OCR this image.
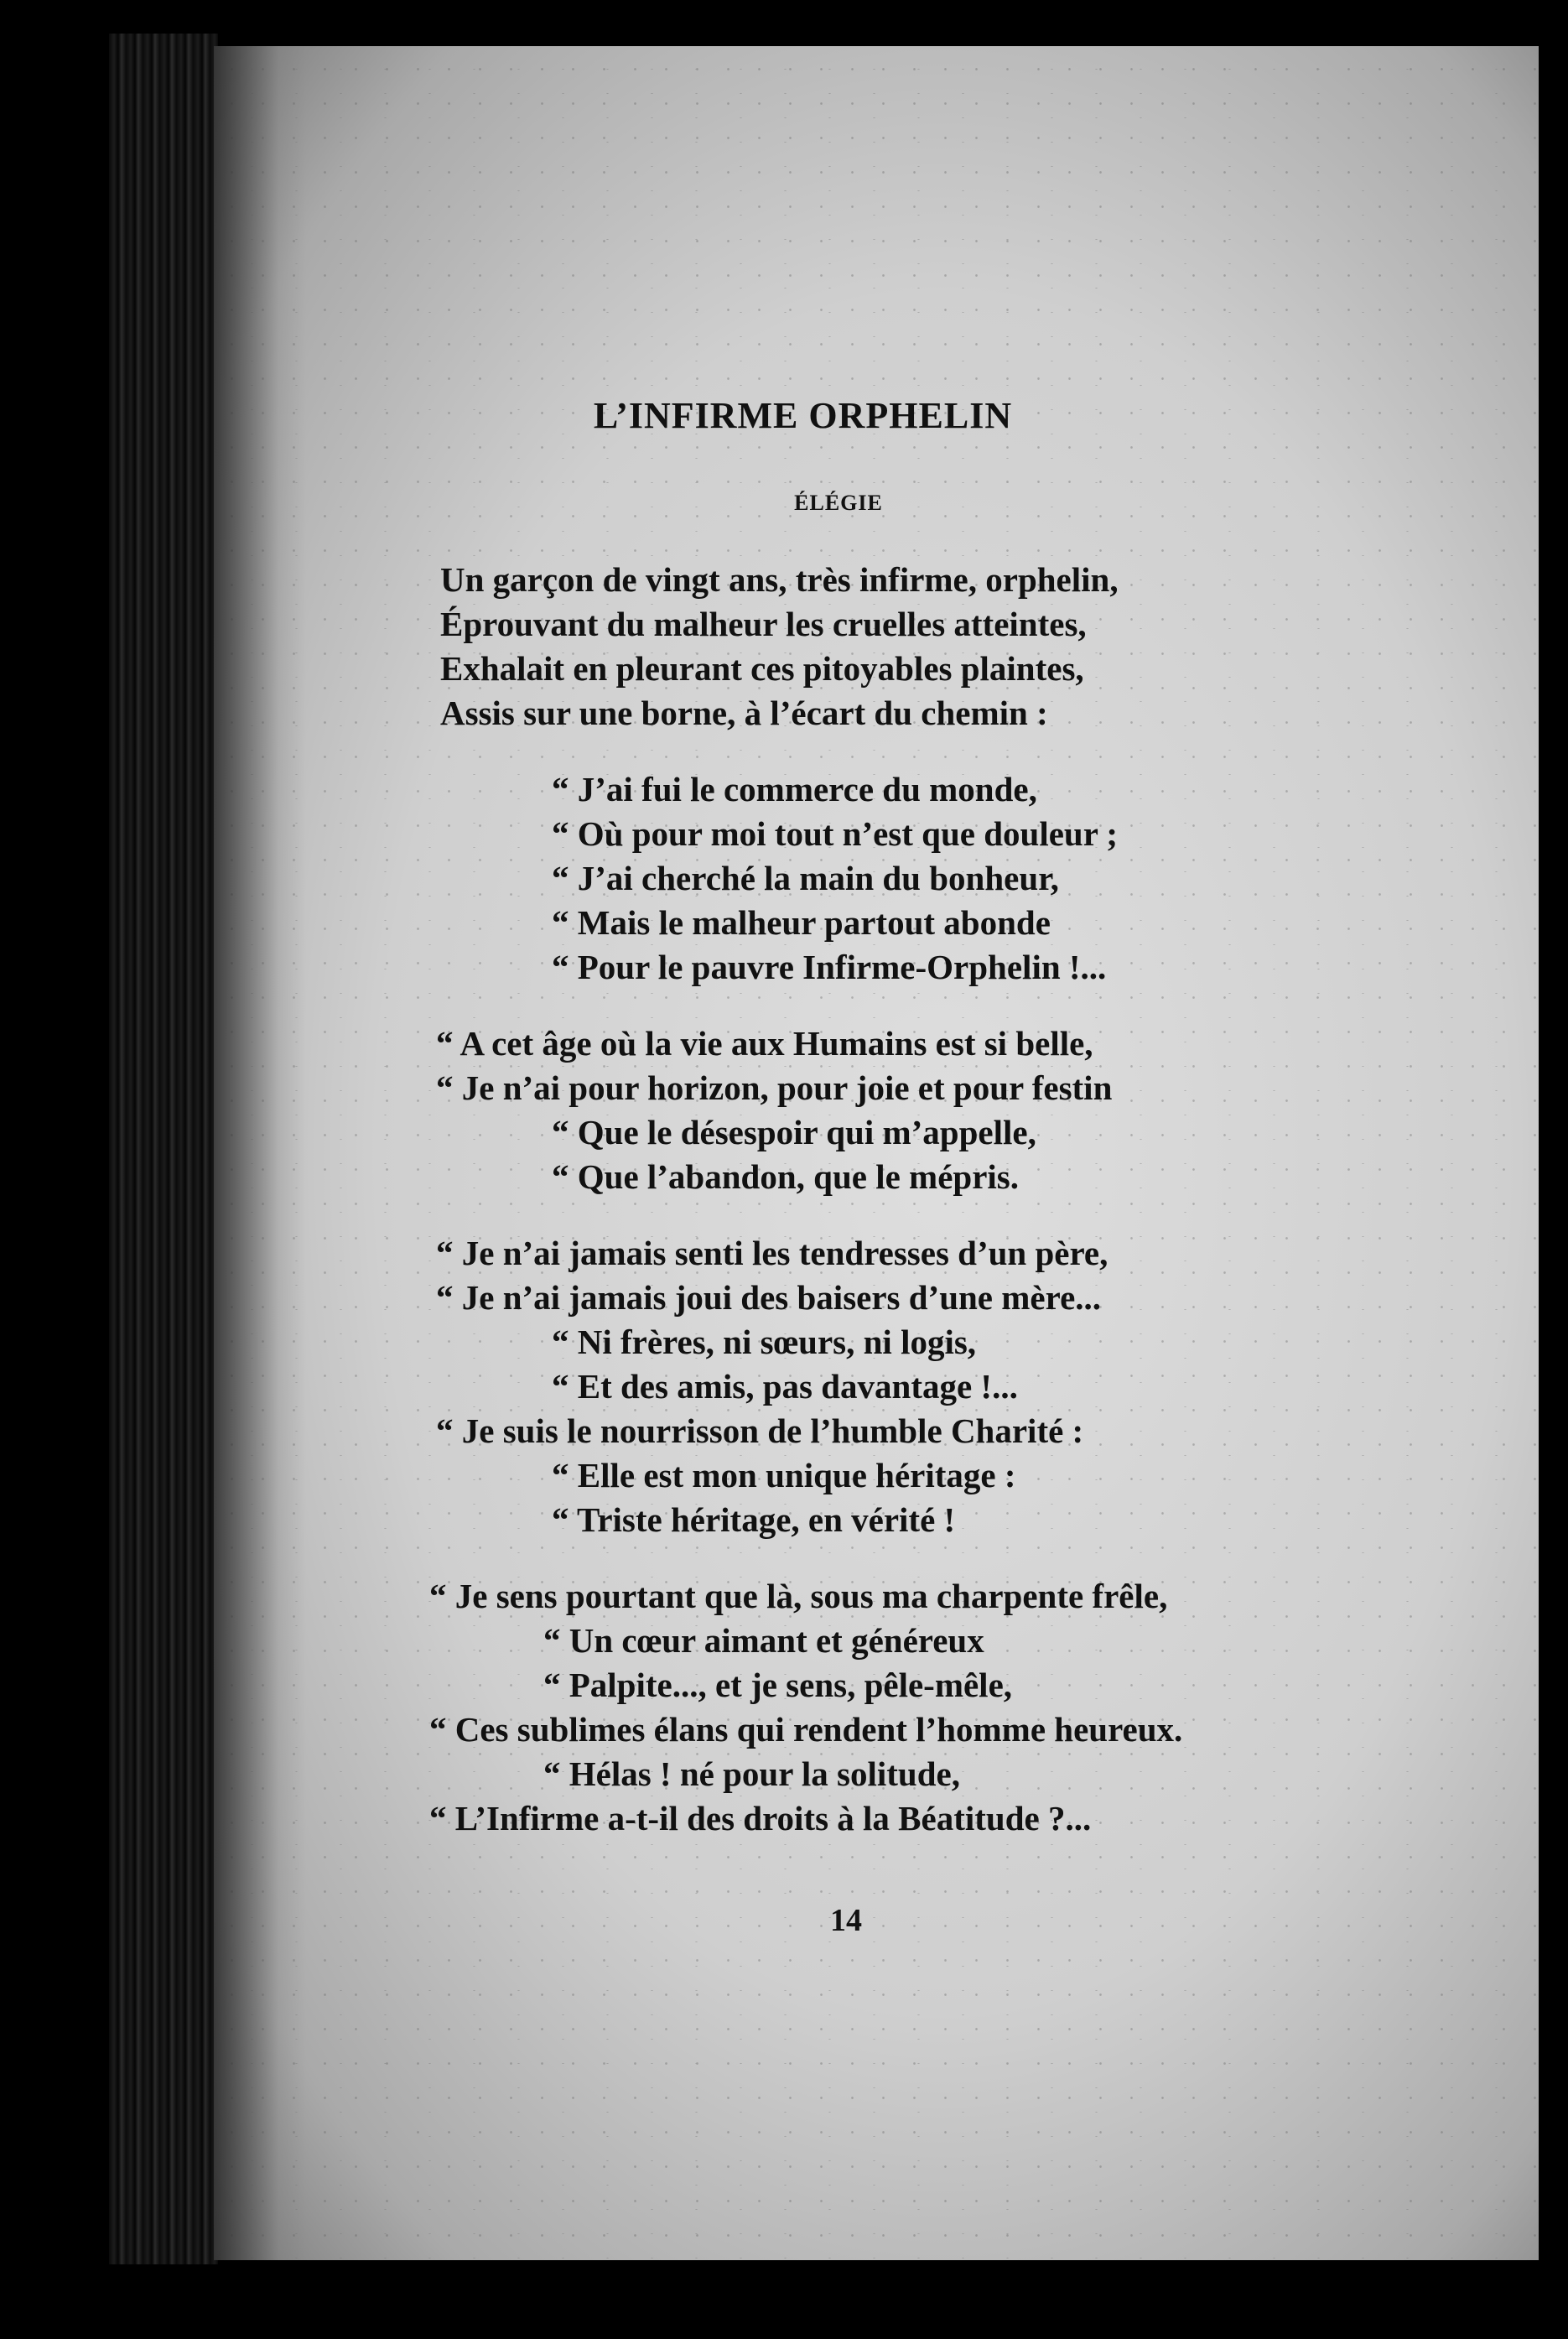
L’INFIRME ORPHELIN
ÉLÉGIE

Un garçon de vingt ans, très infirme, orphelin,

Éprouvant du malheur les cruelles atteintes,

Exhalait en pleurant ces pitoyables plaintes,

Assis sur une borne, à l’écart du chemin :

“ J’ai fui le commerce du monde,

“ Où pour moi tout n’est que douleur ;

“ J’ai cherché la main du bonheur,

“ Mais le malheur partout abonde

“ Pour le pauvre Infirme-Orphelin !...

“ A cet âge où la vie aux Humains est si belle,

“ Je n’ai pour horizon, pour joie et pour festin

“ Que le désespoir qui m’appelle,

“ Que l’abandon, que le mépris.

“ Je n’ai jamais senti les tendresses d’un père,

“ Je n’ai jamais joui des baisers d’une mère...

“ Ni frères, ni sœurs, ni logis,

“ Et des amis, pas davantage !...

“ Je suis le nourrisson de l’humble Charité :

“ Elle est mon unique héritage :

“ Triste héritage, en vérité !

“ Je sens pourtant que là, sous ma charpente frêle,

“ Un cœur aimant et généreux

“ Palpite..., et je sens, pêle-mêle,

“ Ces sublimes élans qui rendent l’homme heureux.

“ Hélas ! né pour la solitude,

“ L’Infirme a-t-il des droits à la Béatitude ?...

14
